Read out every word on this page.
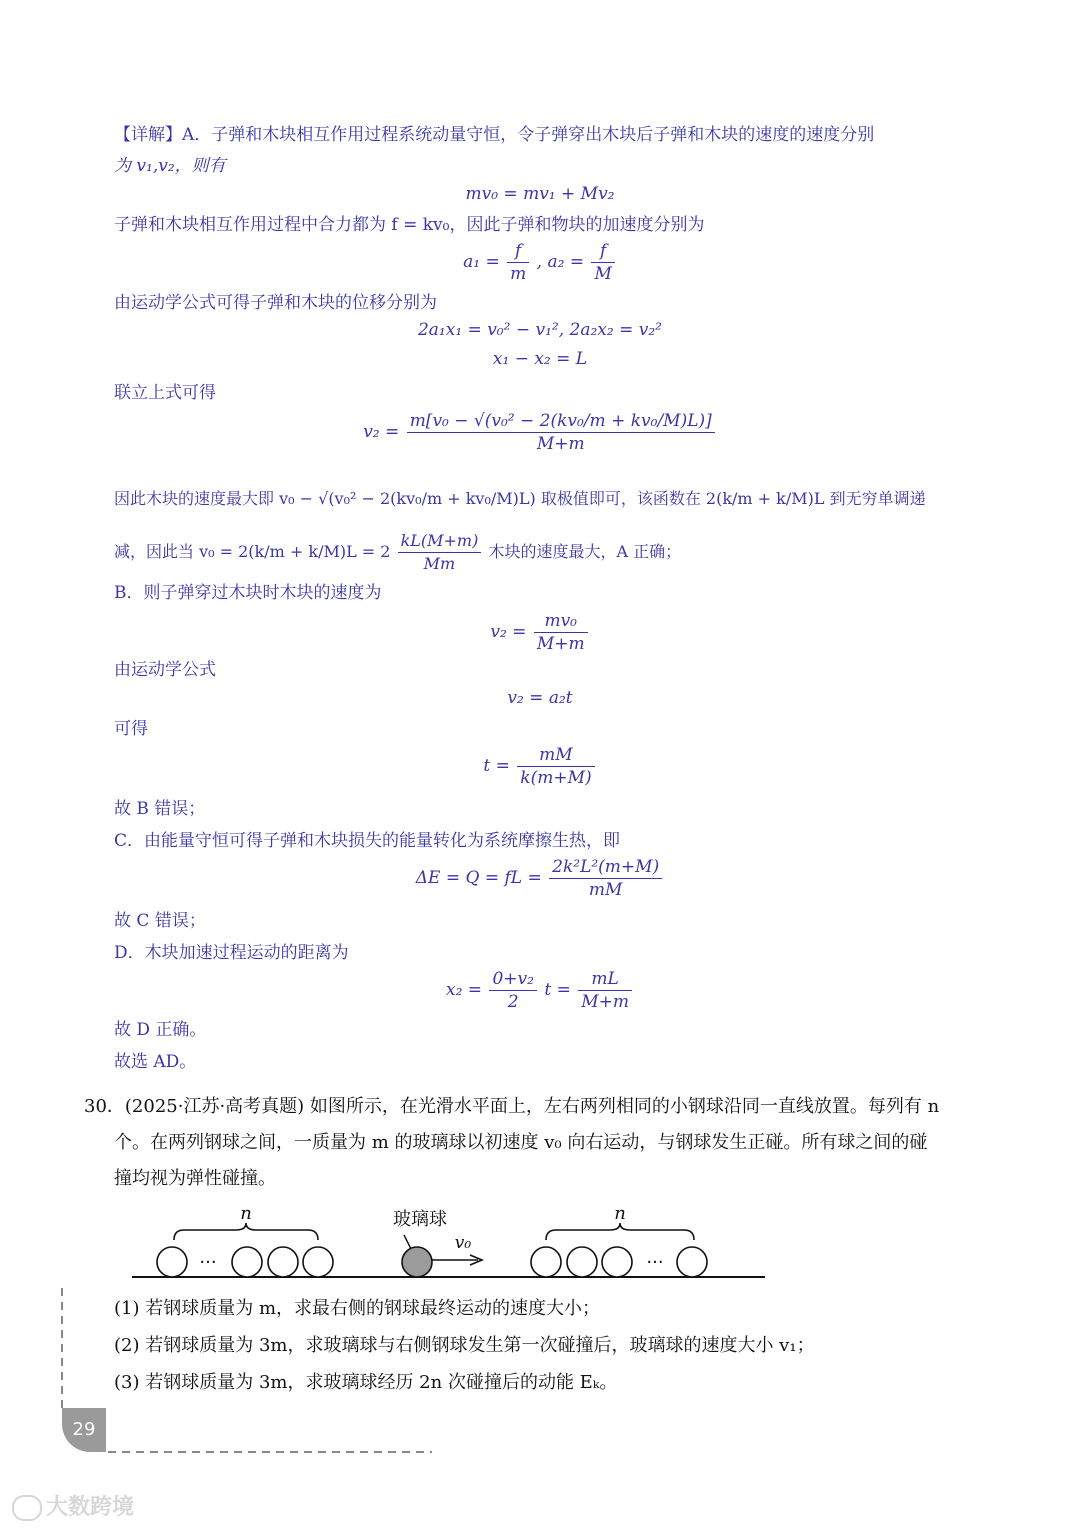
【详解】A．子弹和木块相互作用过程系统动量守恒，令子弹穿出木块后子弹和木块的速度的速度分别
为 v₁,v₂，则有
mv₀ = mv₁ + Mv₂
子弹和木块相互作用过程中合力都为 f = kv₀，因此子弹和物块的加速度分别为
$a_1 = \frac{f}{m}$ , $a_2 = \frac{f}{M}$
由运动学公式可得子弹和木块的位移分别为
2a₁x₁ = v₀² − v₁², 2a₂x₂ = v₂²
x₁ − x₂ = L
联立上式可得
$v_2 = \frac{\text{m[v₀ − √(v₀² − 2(kv₀/m + kv₀/M)L)]}}{M+m}$
因此木块的速度最大即 v₀ − √(v₀² − 2(kv₀/m + kv₀/M)L) 取极值即可，该函数在 2(k/m + k/M)L 到无穷单调递
减，因此当 $v_0 = 2(k/m + k/M)L = 2 \frac{kL(M+m)}{Mm}$ 木块的速度最大，A 正确；
B．则子弹穿过木块时木块的速度为
$v_2 = \frac{\text{mv₀}}{M+m}$
由运动学公式
v₂ = a₂t
可得
$t = \frac{mM}{k(m+M)}$
故 B 错误；
C．由能量守恒可得子弹和木块损失的能量转化为系统摩擦生热，即
ΔE = Q = fL = $\frac{\text{2k²L²(m+M)}}{mM}$
故 C 错误；
D．木块加速过程运动的距离为
$x_2 = \frac{\text{0+v₂}}{2}$ $t = \frac{mL}{M+m}$
故 D 正确。
故选 AD。
30．(2025·江苏·高考真题) 如图所示，在光滑水平面上，左右两列相同的小钢球沿同一直线放置。每列有 n
个。在两列钢球之间，一质量为 m 的玻璃球以初速度 v₀ 向右运动，与钢球发生正碰。所有球之间的碰
撞均视为弹性碰撞。
n
···
玻璃球
v₀
n
···
(1) 若钢球质量为 m，求最右侧的钢球最终运动的速度大小；
(2) 若钢球质量为 3m，求玻璃球与右侧钢球发生第一次碰撞后，玻璃球的速度大小 v₁；
(3) 若钢球质量为 3m，求玻璃球经历 2n 次碰撞后的动能 Eₖ。
29
大数跨境
